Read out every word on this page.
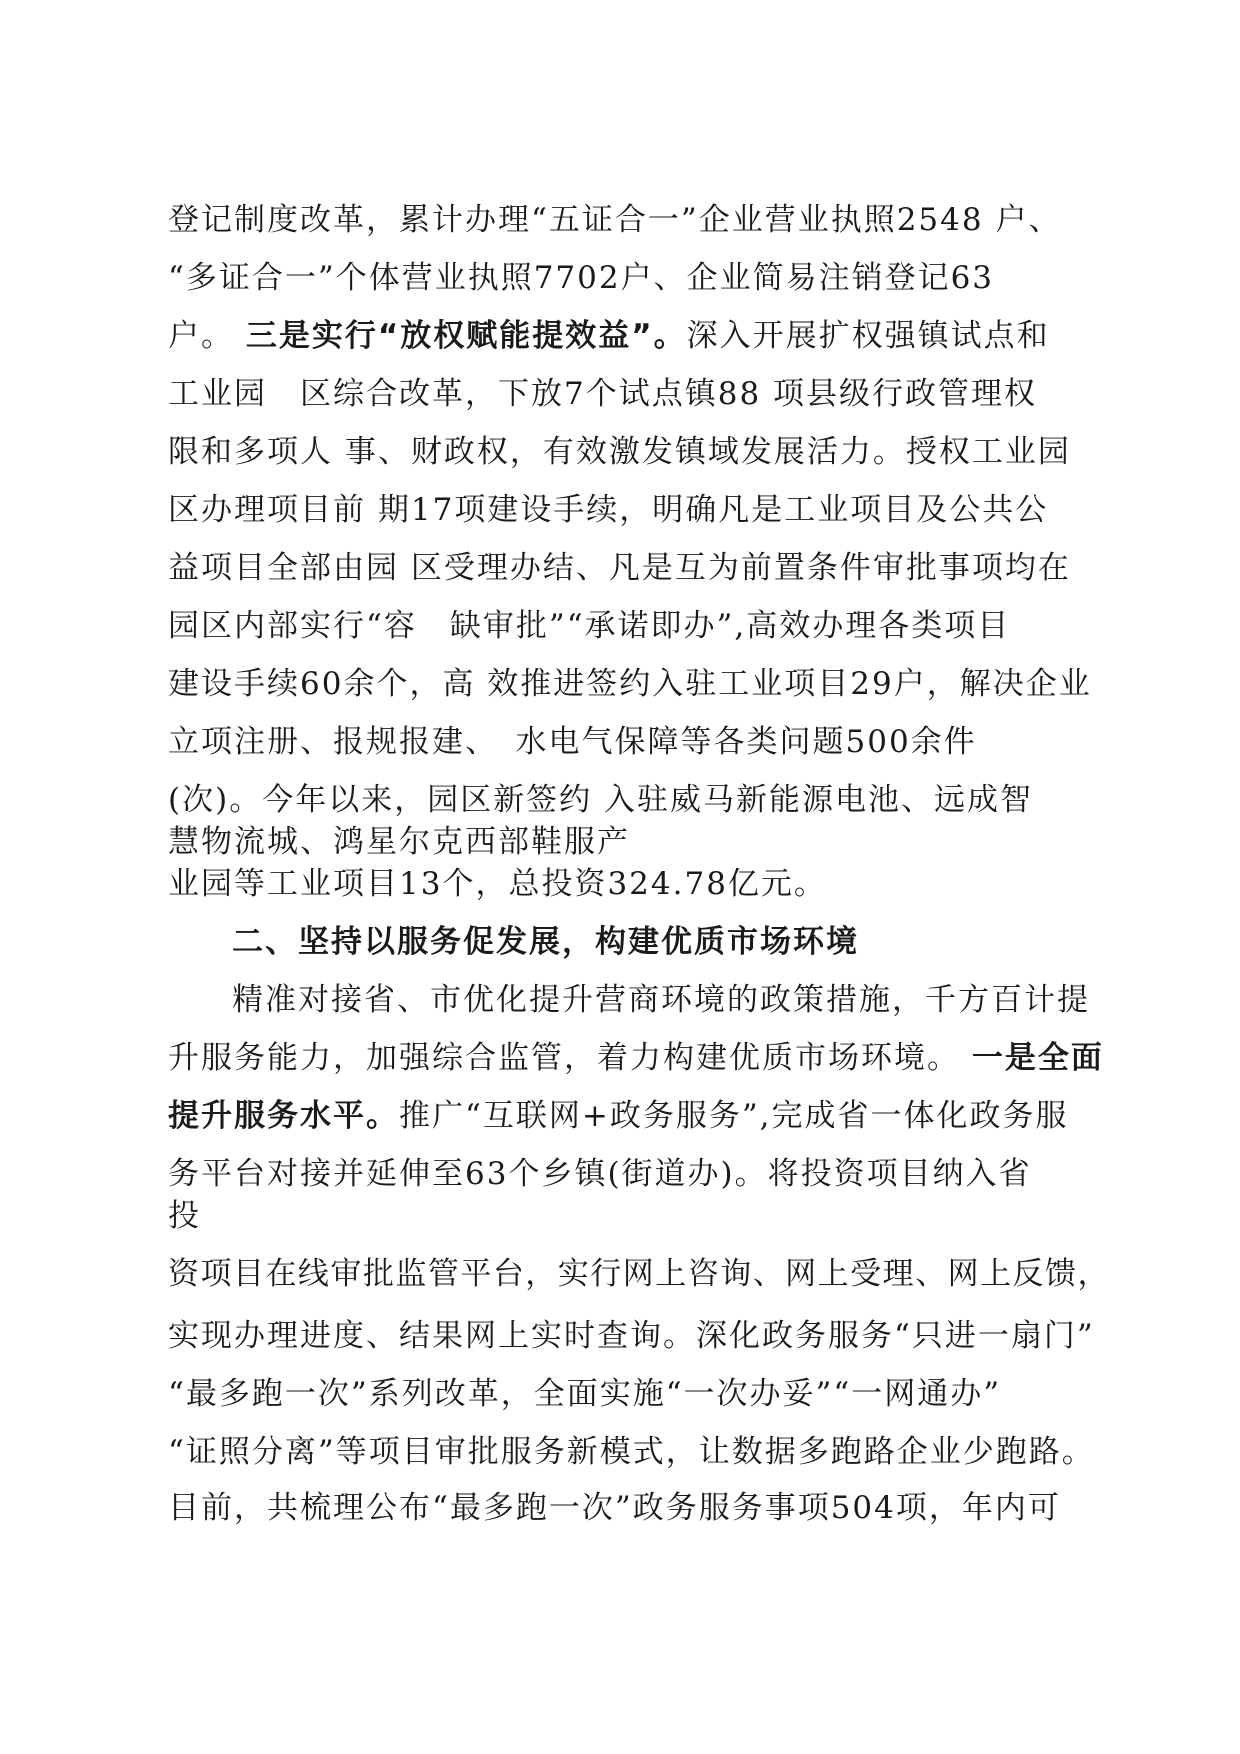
登记制度改革，累计办理“五证合一”企业营业执照2548 户、
“多证合一”个体营业执照7702户、企业简易注销登记63
户。 三是实行“放权赋能提效益”。深入开展扩权强镇试点和
工业园　区综合改革，下放7个试点镇88 项县级行政管理权
限和多项人 事、财政权，有效激发镇域发展活力。授权工业园
区办理项目前 期17项建设手续，明确凡是工业项目及公共公
益项目全部由园 区受理办结、凡是互为前置条件审批事项均在
园区内部实行“容　缺审批”“承诺即办”,高效办理各类项目
建设手续60余个，高 效推进签约入驻工业项目29户，解决企业
立项注册、报规报建、　水电气保障等各类问题500余件
(次)。今年以来，园区新签约 入驻威马新能源电池、远成智
慧物流城、鸿星尔克西部鞋服产
业园等工业项目13个，总投资324.78亿元。
二、坚持以服务促发展，构建优质市场环境
精准对接省、市优化提升营商环境的政策措施，千方百计提
升服务能力，加强综合监管，着力构建优质市场环境。 一是全面
提升服务水平。推广“互联网+政务服务”,完成省一体化政务服
务平台对接并延伸至63个乡镇(街道办)。将投资项目纳入省
投
资项目在线审批监管平台，实行网上咨询、网上受理、网上反馈，
实现办理进度、结果网上实时查询。深化政务服务“只进一扇门”
“最多跑一次”系列改革，全面实施“一次办妥”“一网通办”
“证照分离”等项目审批服务新模式，让数据多跑路企业少跑路。
目前，共梳理公布“最多跑一次”政务服务事项504项，年内可
